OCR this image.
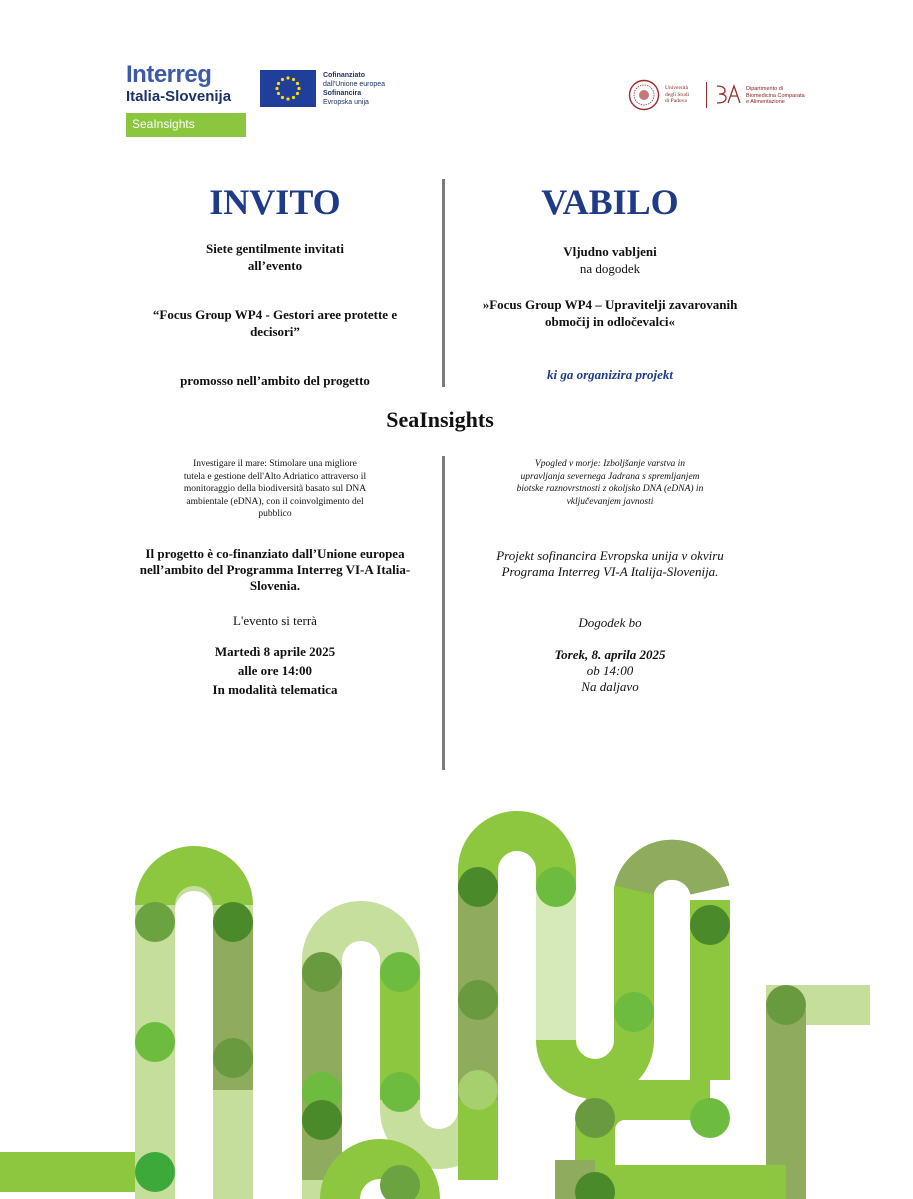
Interreg
Italia-Slovenija
SeaInsights
Cofinanziato
dall'Unione europea
Sofinancira
Evropska unija
Università
degli Studi
di Padova
Dipartimento di
Biomedicina Comparata
e Alimentazione
INVITO
Siete gentilmente invitati
all’evento
“Focus Group WP4 - Gestori aree protette e
decisori”
promosso nell’ambito del progetto
VABILO
Vljudno vabljeni
na dogodek
»Focus Group WP4 – Upravitelji zavarovanih
območij in odločevalci«
ki ga organizira projekt
SeaInsights
Investigare il mare: Stimolare una migliore
tutela e gestione dell'Alto Adriatico attraverso il
monitoraggio della biodiversità basato sul DNA
ambientale (eDNA), con il coinvolgimento del
pubblico
Il progetto è co-finanziato dall’Unione europea
nell’ambito del Programma Interreg VI-A Italia-
Slovenia.
L'evento si terrà
Martedì 8 aprile 2025
alle ore 14:00
In modalità telematica
Vpogled v morje: Izboljšanje varstva in
upravljanja severnega Jadrana s spremljanjem
biotske raznovrstnosti z okoljsko DNA (eDNA) in
vključevanjem javnosti
Projekt sofinancira Evropska unija v okviru
Programa Interreg VI-A Italija-Slovenija.
Dogodek bo
Torek, 8. aprila 2025
ob 14:00
Na daljavo
